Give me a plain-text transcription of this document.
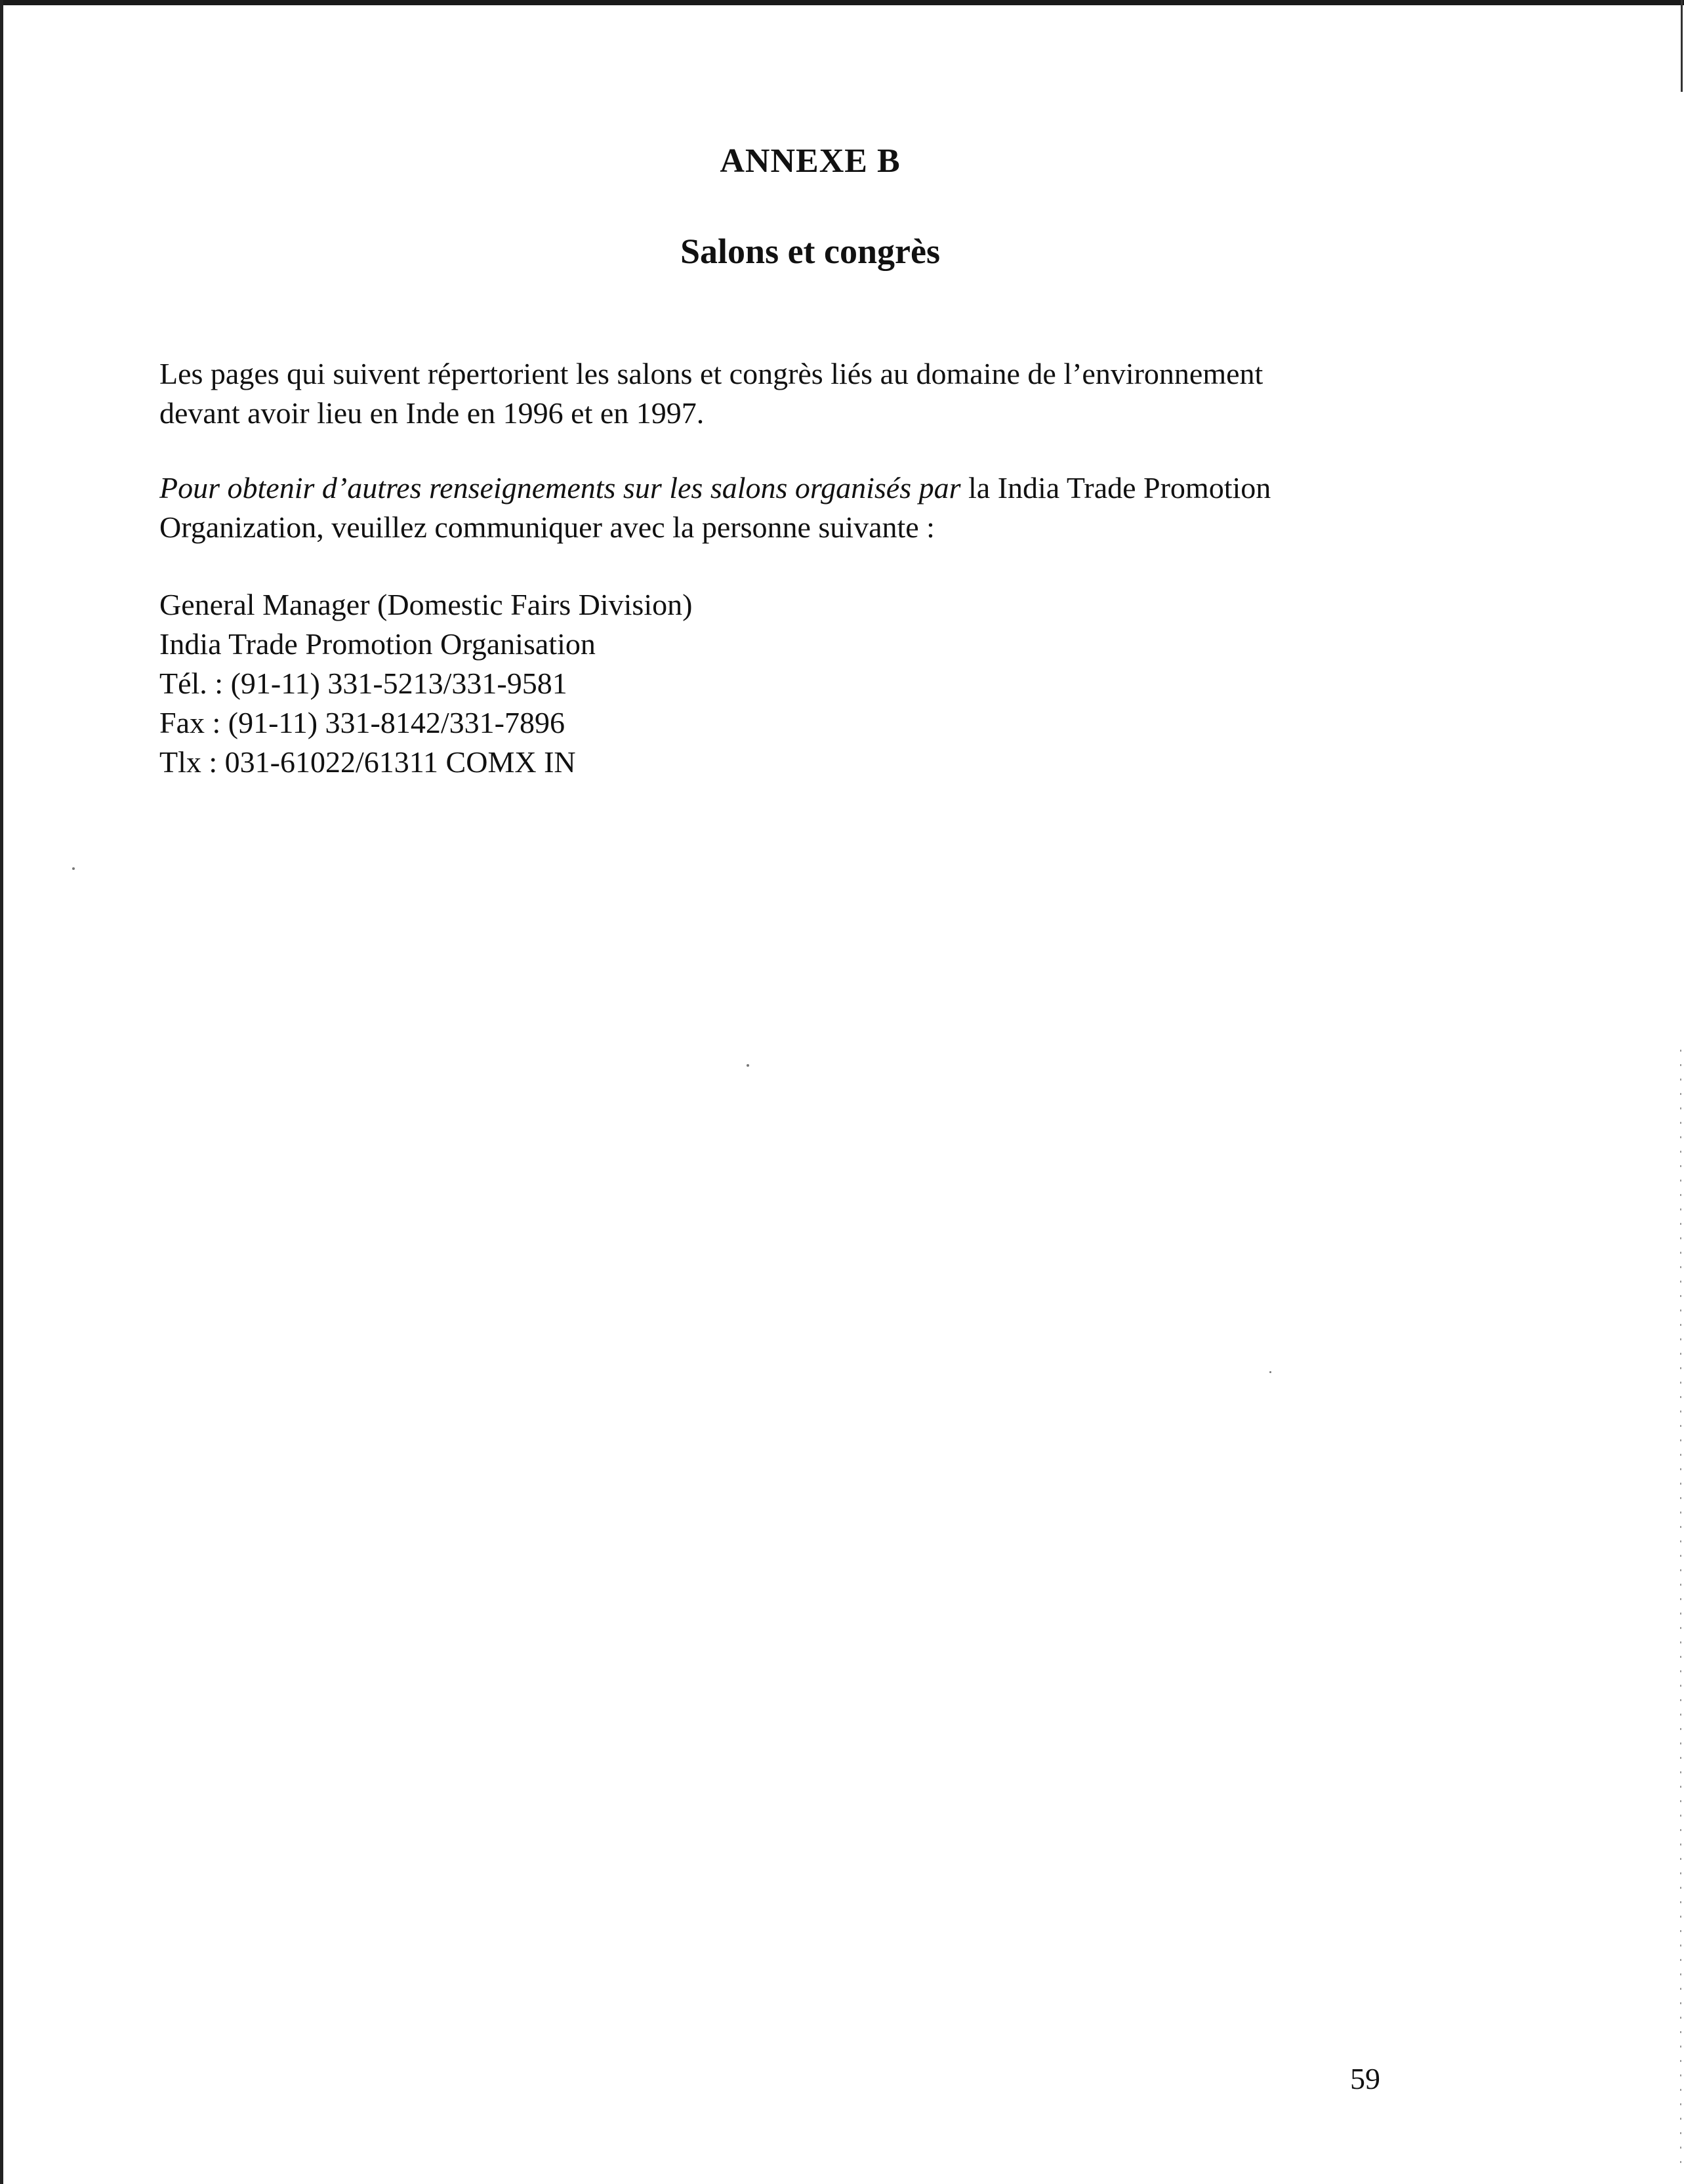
ANNEXE B
Salons et congrès
Les pages qui suivent répertorient les salons et congrès liés au domaine de l’environnement
devant avoir lieu en Inde en 1996 et en 1997.
Pour obtenir d’autres renseignements sur les salons organisés par la India Trade Promotion
Organization, veuillez communiquer avec la personne suivante :
General Manager (Domestic Fairs Division)
India Trade Promotion Organisation
Tél. : (91-11) 331-5213/331-9581
Fax : (91-11) 331-8142/331-7896
Tlx : 031-61022/61311 COMX IN
59
